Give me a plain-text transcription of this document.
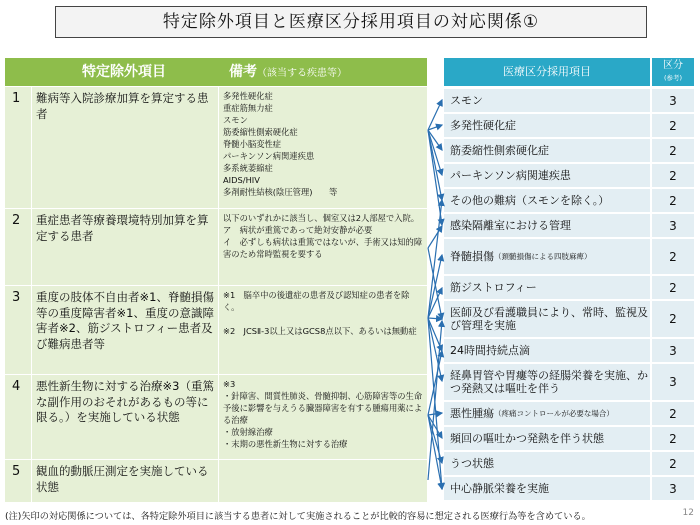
特定除外項目と医療区分採用項目の対応関係①
特定除外項目	備考（該当する疾患等）
1	難病等入院診療加算を算定する患者
多発性硬化症
重症筋無力症
スモン
筋委縮性側索硬化症
脊髄小脳変性症
パーキンソン病関連疾患
多系統萎縮症
AIDS/HIV
多剤耐性結核(陰圧管理)　　等
2	重症患者等療養環境特別加算を算定する患者
以下のいずれかに該当し、個室又は2人部屋で入院。
ア　病状が重篤であって絶対安静が必要
イ　必ずしも病状は重篤ではないが、手術又は知的障害のため常時監視を要する
3	重度の肢体不自由者※1、脊髄損傷等の重度障害者※1、重度の意識障害者※2、筋ジストロフィー患者及び難病患者等
※1　脳卒中の後遺症の患者及び認知症の患者を除く。

※2　JCSⅡ-3以上又はGCS8点以下、あるいは無動症
4	悪性新生物に対する治療※3（重篤な副作用のおそれがあるもの等に限る。）を実施している状態
※3
・針障害、間質性肺炎、骨髄抑制、心筋障害等の生命予後に影響を与えうる臓器障害を有する腫瘍用薬による治療
・放射線治療
・末期の悪性新生物に対する治療
5	観血的動脈圧測定を実施している状態
医療区分採用項目	区分
(参考)
スモン	3
多発性硬化症	2
筋委縮性側索硬化症	2
パーキンソン病関連疾患	2
その他の難病（スモンを除く。）	2
感染隔離室における管理	3
脊髄損傷 （頚髄損傷による四肢麻痺）	2
筋ジストロフィー	2
医師及び看護職員により、常時、監視及び管理を実施	2
24時間持続点滴	3
経鼻胃管や胃瘻等の経腸栄養を実施、かつ発熱又は嘔吐を伴う	3
悪性腫瘍 （疼痛コントロールが必要な場合）	2
頻回の嘔吐かつ発熱を伴う状態	2
うつ状態	2
中心静脈栄養を実施	3
(注)矢印の対応関係については、各特定除外項目に該当する患者に対して実施されることが比較的容易に想定される医療行為等を含めている。	12
